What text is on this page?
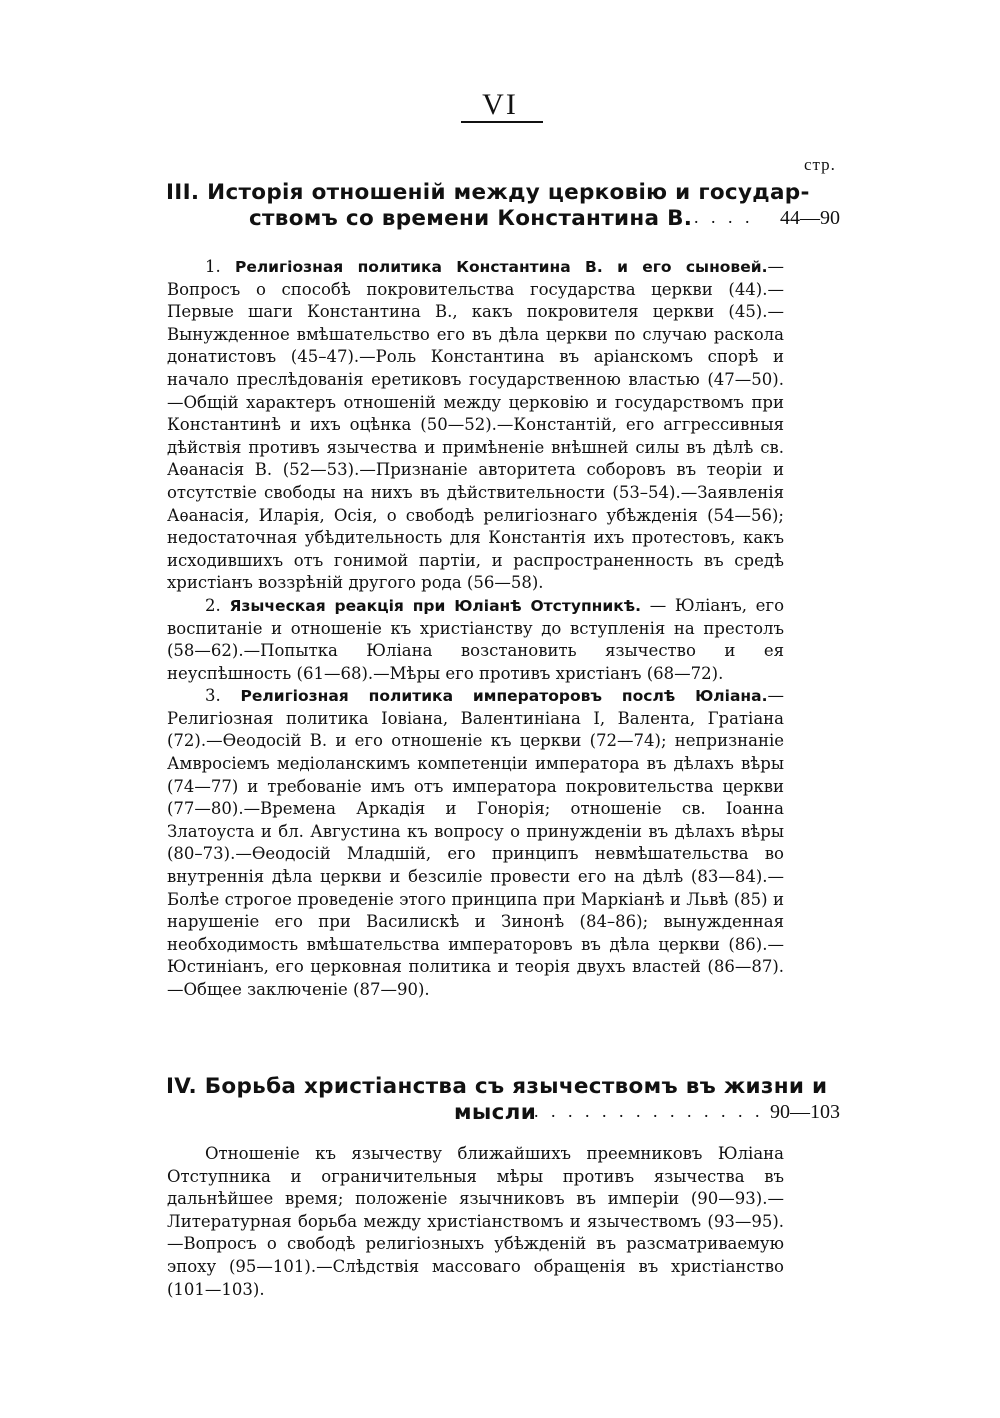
VI
стр.
III. Исторія отношеній между церковію и государ-
ствомъ со времени Константина В. . . . . 44—90

1. Религіозная политика Константина В. и его сыновей.— Вопросъ о способѣ покровительства государства церкви (44).—Первые шаги Константина В., какъ покровителя церкви (45).—Вынужденное вмѣшательство его въ дѣла церкви по случаю раскола донатистовъ (45–47).—Роль Константина въ аріанскомъ спорѣ и начало преслѣдованія еретиковъ государственною властью (47—50).—Общій характеръ отношеній между церковію и государствомъ при Константинѣ и ихъ оцѣнка (50—52).—Константій, его аггрессивныя дѣйствія противъ язычества и примѣненіе внѣшней силы въ дѣлѣ св. Аѳанасія В. (52—53).—Признаніе авторитета соборовъ въ теоріи и отсутствіе свободы на нихъ въ дѣйствительности (53–54).—Заявленія Аѳанасія, Иларія, Осія, о свободѣ религіознаго убѣжденія (54—56); недостаточная убѣдительность для Константія ихъ протестовъ, какъ исходившихъ отъ гонимой партіи, и распространенность въ средѣ христіанъ воззрѣній другого рода (56—58).

2. Языческая реакція при Юліанѣ Отступникѣ. — Юліанъ, его воспитаніе и отношеніе къ христіанству до вступленія на престолъ (58—62).—Попытка Юліана возстановить язычество и ея неуспѣшность (61—68).—Мѣры его противъ христіанъ (68—72).

3. Религіозная политика императоровъ послѣ Юліана.—Религіозная политика Іовіана, Валентиніана I, Валента, Гратіана (72).—Ѳеодосій В. и его отношеніе къ церкви (72—74); непризнаніе Амвросіемъ медіоланскимъ компетенціи императора въ дѣлахъ вѣры (74—77) и требованіе имъ отъ императора покровительства церкви (77—80).—Времена Аркадія и Гонорія; отношеніе св. Іоанна Златоуста и бл. Августина къ вопросу о принужденіи въ дѣлахъ вѣры (80–73).—Ѳеодосій Младшій, его принципъ невмѣшательства во внутреннія дѣла церкви и безсиліе провести его на дѣлѣ (83—84).—Болѣе строгое проведеніе этого принципа при Маркіанѣ и Львѣ (85) и нарушеніе его при Василискѣ и Зинонѣ (84–86); вынужденная необходимость вмѣшательства императоровъ въ дѣла церкви (86).—Юстиніанъ, его церковная политика и теорія двухъ властей (86—87).—Общее заключеніе (87—90).

IV. Борьба христіанства съ язычествомъ въ жизни и
мысли
. . . . . . . . . . . . . . 90—103

Отношеніе къ язычеству ближайшихъ преемниковъ Юліана Отступника и ограничительныя мѣры противъ язычества въ дальнѣйшее время; положеніе язычниковъ въ имперіи (90—93).—Литературная борьба между христіанствомъ и язычествомъ (93—95).—Вопросъ о свободѣ религіозныхъ убѣжденій въ разсматриваемую эпоху (95—101).—Слѣдствія массоваго обращенія въ христіанство (101—103).
